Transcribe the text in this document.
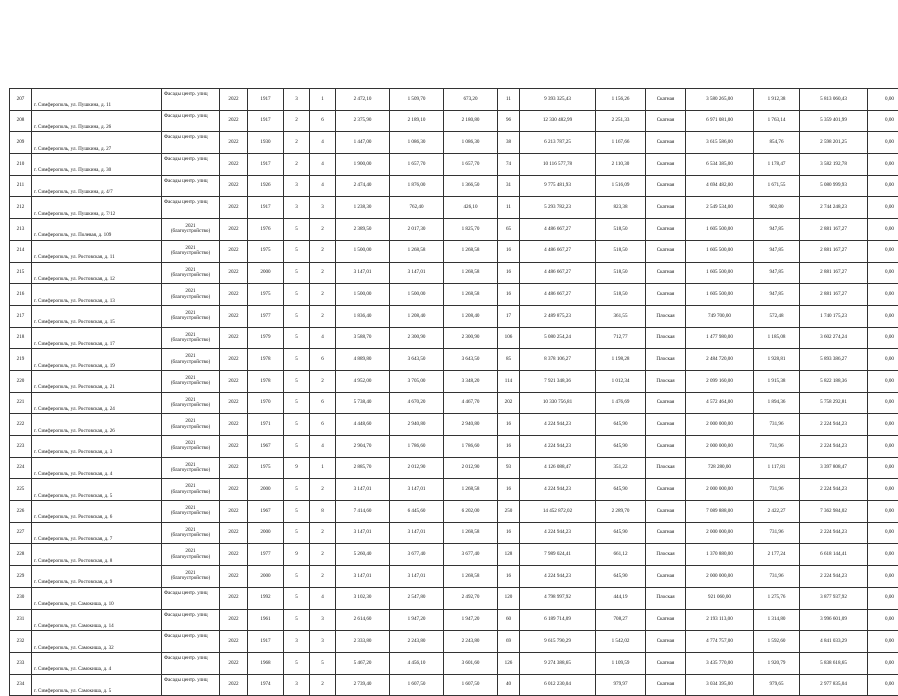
207	г. Симферополь, ул. Пушкина, д. 11	Фасады центр. улиц	2022	1917	3	1	2 472,10	1 509,70	673,20	11	9 393 325,43	1 156,26	Скатная	3 580 265,00	1 912,38	5 813 060,43	0,00
208	г. Симферополь, ул. Пушкина, д. 26	Фасады центр. улиц	2022	1917	2	6	2 375,90	2 189,10	2 180,80	96	12 330 482,99	2 251,33	Скатная	6 971 081,00	1 763,14	5 359 401,99	0,00
209	г. Симферополь, ул. Пушкина, д. 27	Фасады центр. улиц	2022	1930	2	4	1 447,00	1 086,30	1 086,30	38	6 213 787,25	1 167,66	Скатная	3 615 586,00	854,76	2 598 201,25	0,00
210	г. Симферополь, ул. Пушкина, д. 30	Фасады центр. улиц	2022	1917	2	4	1 900,00	1 657,70	1 657,70	74	10 116 577,78	2 110,30	Скатная	6 534 385,00	1 178,47	3 582 192,78	0,00
211	г. Симферополь, ул. Пушкина, д. 4/7	Фасады центр. улиц	2022	1926	3	4	2 474,40	1 876,00	1 366,50	31	9 775 481,93	1 516,09	Скатная	4 694 482,00	1 671,55	5 080 999,93	0,00
212	г. Симферополь, ул. Пушкина, д. 7/12	Фасады центр. улиц	2022	1917	3	3	1 238,30	762,40	426,10	11	5 293 782,23	823,38	Скатная	2 549 534,00	902,80	2 744 248,23	0,00
213	г. Симферополь, ул. Полевая, д. 109	2021
(благоустройство)	2022	1976	5	2	2 389,50	2 017,30	1 825,70	65	4 486 667,27	518,50	Скатная	1 605 500,00	947,85	2 881 167,27	0,00
214	г. Симферополь, ул. Ростовская, д. 11	2021
(благоустройство)	2022	1975	5	2	1 500,00	1 268,58	1 268,58	16	4 486 667,27	518,50	Скатная	1 605 500,00	947,85	2 881 167,27	0,00
215	г. Симферополь, ул. Ростовская, д. 12	2021
(благоустройство)	2022	2000	5	2	3 147,01	3 147,01	1 268,58	16	4 486 667,27	518,50	Скатная	1 605 500,00	947,85	2 881 167,27	0,00
216	г. Симферополь, ул. Ростовская, д. 13	2021
(благоустройство)	2022	1975	5	2	1 500,00	1 500,00	1 268,58	16	4 486 667,27	518,50	Скатная	1 605 500,00	947,85	2 881 167,27	0,00
217	г. Симферополь, ул. Ростовская, д. 15	2021
(благоустройство)	2022	1977	5	2	1 836,40	1 208,40	1 208,40	17	2 489 875,23	361,55	Плоская	749 700,00	572,48	1 740 175,23	0,00
218	г. Симферополь, ул. Ростовская, д. 17	2021
(благоустройство)	2022	1979	5	4	3 588,70	2 300,90	2 300,90	106	5 080 254,24	712,77	Плоская	1 477 980,00	1 185,08	3 602 274,24	0,00
219	г. Симферополь, ул. Ростовская, д. 19	2021
(благоустройство)	2022	1978	5	6	4 889,80	3 643,50	3 643,50	85	8 378 106,27	1 198,28	Плоская	2 484 720,00	1 928,81	5 893 386,27	0,00
220	г. Симферополь, ул. Ростовская, д. 21	2021
(благоустройство)	2022	1978	5	2	4 952,00	3 705,00	3 348,20	114	7 921 348,36	1 012,34	Плоская	2 099 160,00	1 915,38	5 822 188,36	0,00
221	г. Симферополь, ул. Ростовская, д. 24	2021
(благоустройство)	2022	1970	5	6	5 738,40	4 670,20	4 467,70	202	10 330 756,81	1 476,69	Скатная	4 572 464,00	1 894,36	5 758 292,81	0,00
222	г. Симферополь, ул. Ростовская, д. 26	2021
(благоустройство)	2022	1971	5	6	4 448,60	2 940,80	2 940,80	16	4 224 944,23	645,90	Скатная	2 000 000,00	731,96	2 224 944,23	0,00
223	г. Симферополь, ул. Ростовская, д. 3	2021
(благоустройство)	2022	1967	5	4	2 904,70	1 786,60	1 786,60	16	4 224 944,23	645,90	Скатная	2 000 000,00	731,96	2 224 944,23	0,00
224	г. Симферополь, ул. Ростовская, д. 4	2021
(благоустройство)	2022	1975	9	1	2 885,70	2 012,90	2 012,90	93	4 126 088,47	351,22	Плоская	728 280,00	1 117,81	3 397 808,47	0,00
225	г. Симферополь, ул. Ростовская, д. 5	2021
(благоустройство)	2022	2000	5	2	3 147,01	3 147,01	1 268,58	16	4 224 944,23	645,90	Скатная	2 000 000,00	731,96	2 224 944,23	0,00
226	г. Симферополь, ул. Ростовская, д. 6	2021
(благоустройство)	2022	1967	5	8	7 414,60	6 445,60	6 202,00	250	14 452 872,02	2 289,70	Скатная	7 089 888,00	2 422,27	7 362 984,02	0,00
227	г. Симферополь, ул. Ростовская, д. 7	2021
(благоустройство)	2022	2000	5	2	3 147,01	3 147,01	1 268,58	16	4 224 944,23	645,90	Скатная	2 000 000,00	731,96	2 224 944,23	0,00
228	г. Симферополь, ул. Ростовская, д. 8	2021
(благоустройство)	2022	1977	9	2	5 260,40	3 677,40	3 677,40	128	7 989 024,41	661,12	Плоская	1 370 880,00	2 177,24	6 618 144,41	0,00
229	г. Симферополь, ул. Ростовская, д. 9	2021
(благоустройство)	2022	2000	5	2	3 147,01	3 147,01	1 268,58	16	4 224 944,23	645,90	Скатная	2 000 000,00	731,96	2 224 944,23	0,00
230	г. Симферополь, ул. Самокиша, д. 10	Фасады центр. улиц	2022	1992	5	4	3 102,30	2 547,80	2 492,70	120	4 798 997,92	444,19	Плоская	921 060,00	1 275,76	3 877 937,92	0,00
231	г. Симферополь, ул. Самокиша, д. 14	Фасады центр. улиц	2022	1961	5	3	2 614,60	1 947,20	1 947,20	60	6 189 714,09	708,27	Скатная	2 193 113,00	1 314,80	3 996 601,09	0,00
232	г. Симферополь, ул. Самокиша, д. 32	Фасады центр. улиц	2022	1917	3	3	2 333,80	2 243,80	2 243,80	69	9 615 790,29	1 542,02	Скатная	4 774 757,00	1 592,60	4 841 033,29	0,00
233	г. Симферополь, ул. Самокиша, д. 4	Фасады центр. улиц	2022	1968	5	5	5 467,20	4 456,10	3 601,60	126	9 274 388,65	1 109,59	Скатная	3 435 770,00	1 920,79	5 838 618,65	0,00
234	г. Симферополь, ул. Самокиша, д. 5	Фасады центр. улиц	2022	1974	3	2	2 739,40	1 607,50	1 607,50	40	6 012 230,04	979,97	Скатная	3 034 395,00	979,65	2 977 835,04	0,00
